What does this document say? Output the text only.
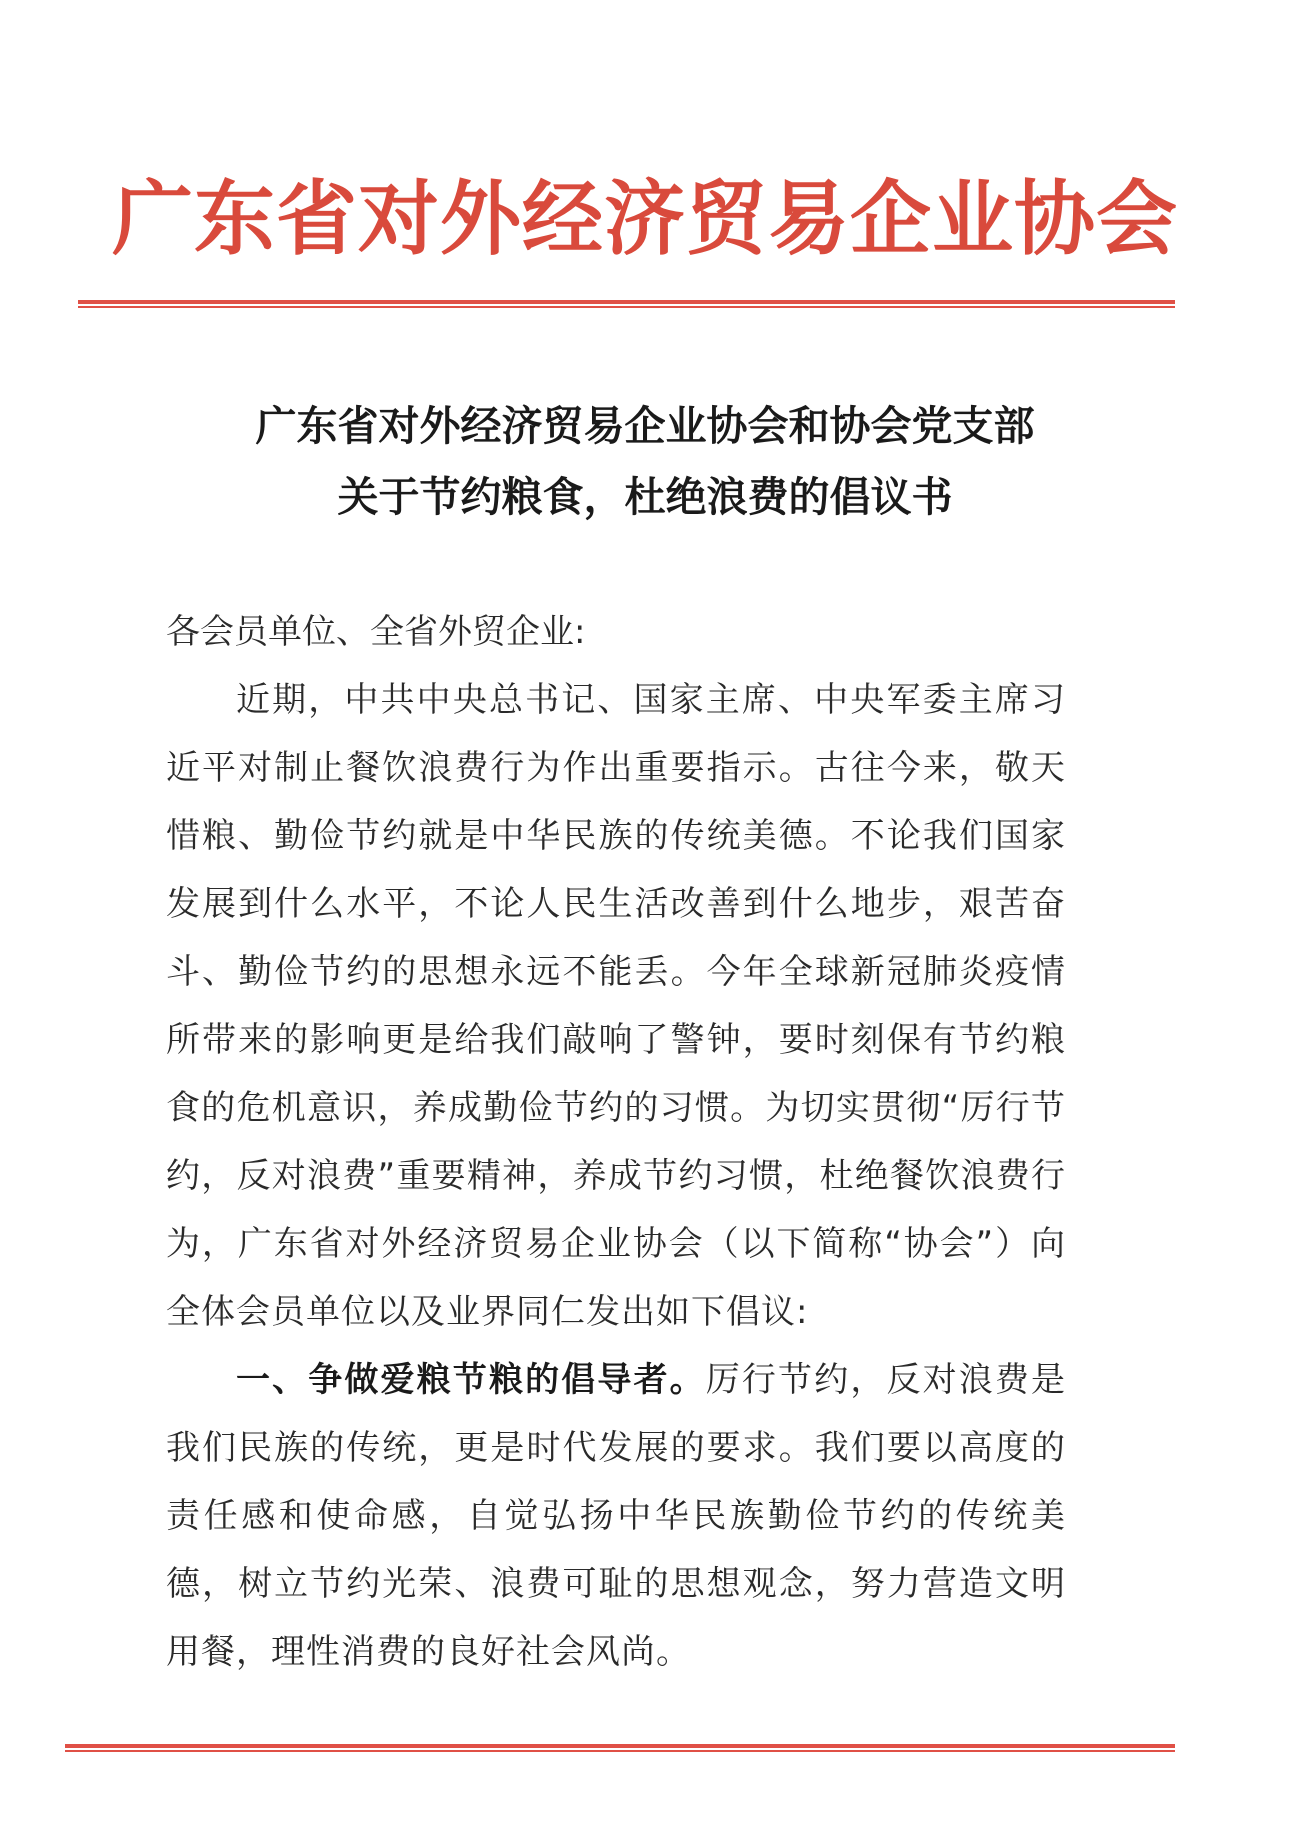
广东省对外经济贸易企业协会
广东省对外经济贸易企业协会和协会党支部
关于节约粮食，杜绝浪费的倡议书

各会员单位、全省外贸企业:

近期，中共中央总书记、国家主席、中央军委主席习近平对制止餐饮浪费行为作出重要指示。古往今来，敬天惜粮、勤俭节约就是中华民族的传统美德。不论我们国家发展到什么水平，不论人民生活改善到什么地步，艰苦奋斗、勤俭节约的思想永远不能丢。今年全球新冠肺炎疫情所带来的影响更是给我们敲响了警钟，要时刻保有节约粮食的危机意识，养成勤俭节约的习惯。为切实贯彻“厉行节约，反对浪费”重要精神，养成节约习惯，杜绝餐饮浪费行为，广东省对外经济贸易企业协会（以下简称“协会”）向全体会员单位以及业界同仁发出如下倡议:

一、争做爱粮节粮的倡导者。厉行节约，反对浪费是我们民族的传统，更是时代发展的要求。我们要以高度的责任感和使命感，自觉弘扬中华民族勤俭节约的传统美德，树立节约光荣、浪费可耻的思想观念，努力营造文明用餐，理性消费的良好社会风尚。
